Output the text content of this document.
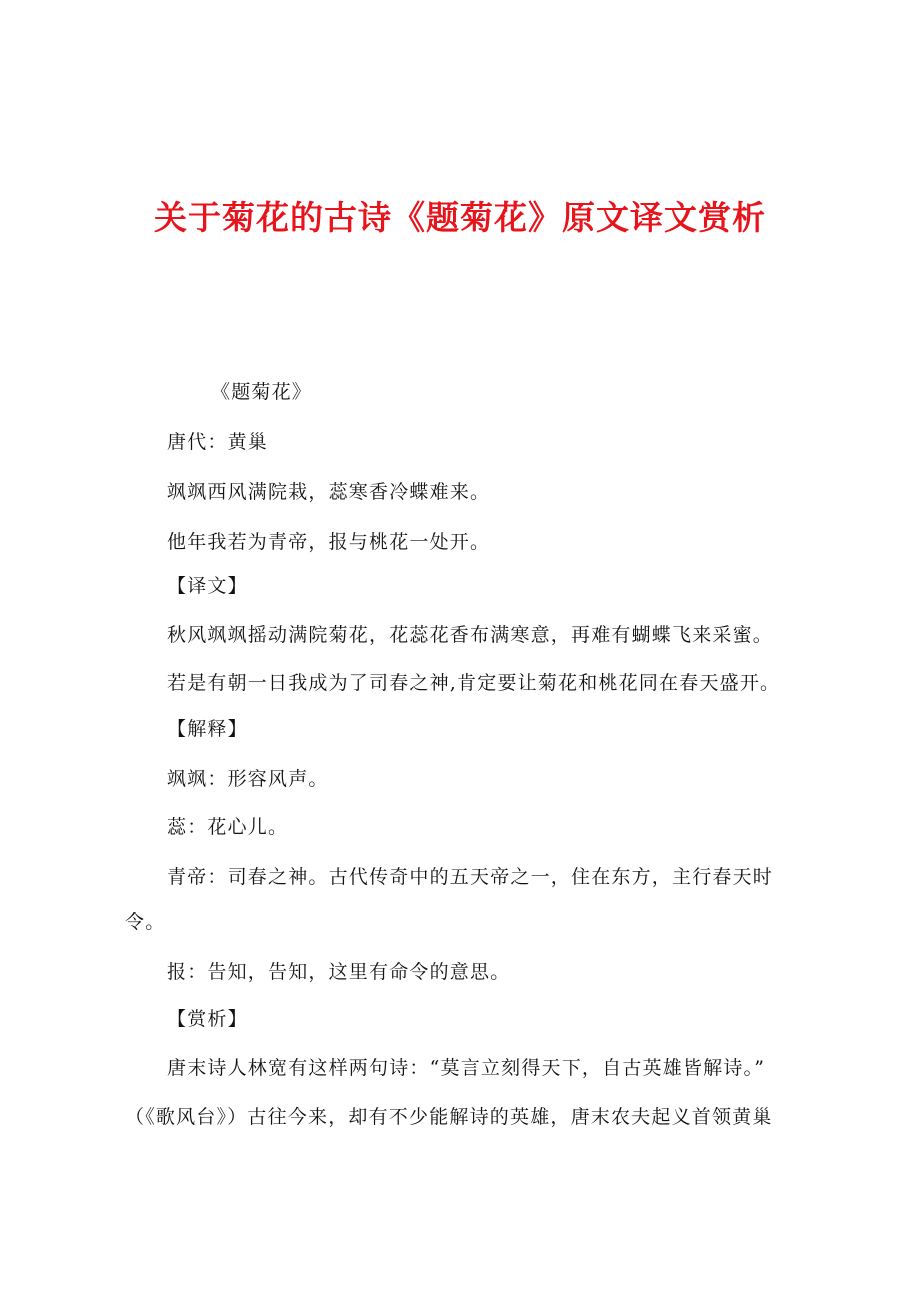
关于菊花的古诗《题菊花》原文译文赏析
《题菊花》
唐代：黄巢
飒飒西风满院栽，蕊寒香冷蝶难来。
他年我若为青帝，报与桃花一处开。
【译文】
秋风飒飒摇动满院菊花，花蕊花香布满寒意，再难有蝴蝶飞来采蜜。
若是有朝一日我成为了司春之神,肯定要让菊花和桃花同在春天盛开。
【解释】
飒飒：形容风声。
蕊：花心儿。
青帝：司春之神。古代传奇中的五天帝之一，住在东方，主行春天时
令。
报：告知，告知，这里有命令的意思。
【赏析】
唐末诗人林宽有这样两句诗：“莫言立刻得天下，自古英雄皆解诗。”
（《歌风台》）古往今来，却有不少能解诗的英雄，唐末农夫起义首领黄巢
